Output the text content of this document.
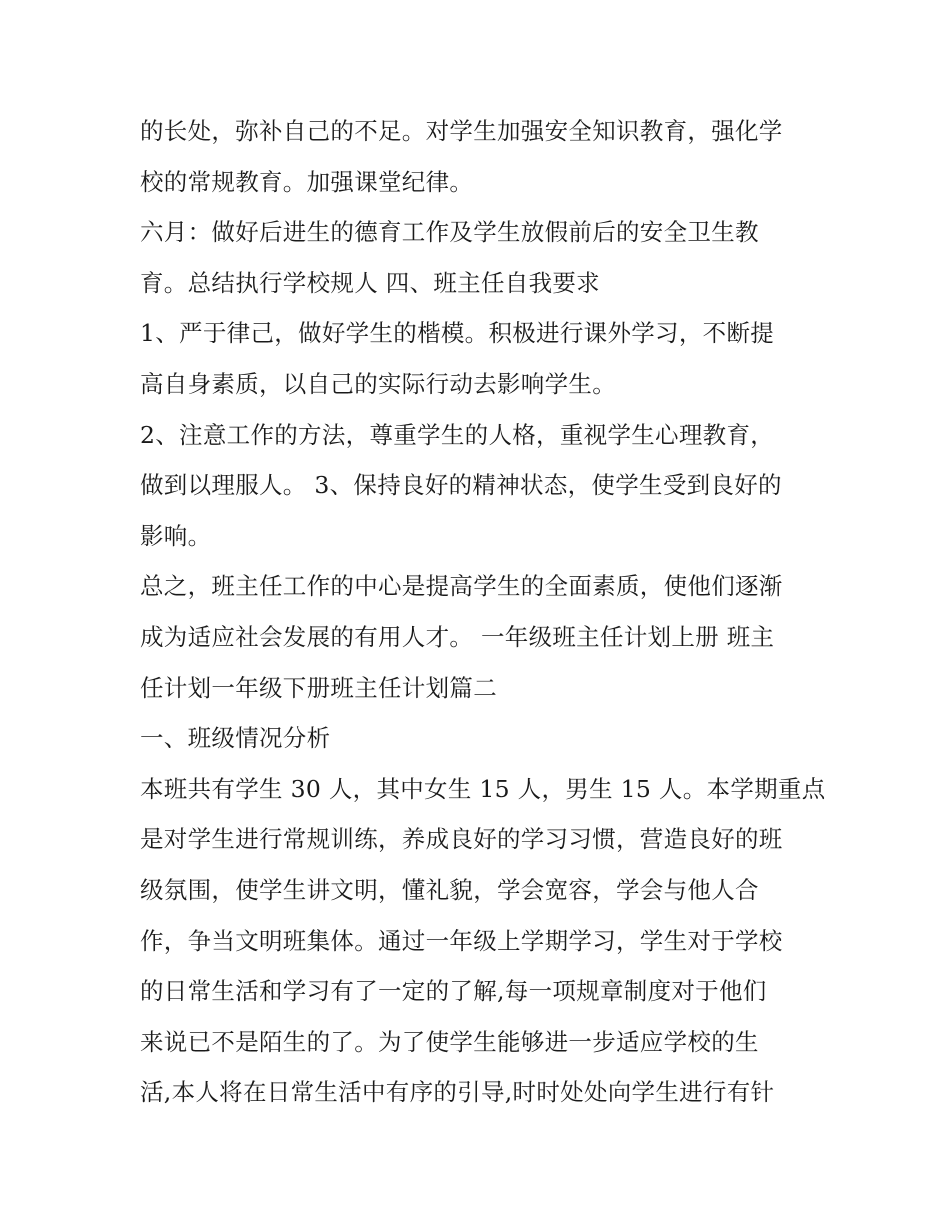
的长处，弥补自己的不足。对学生加强安全知识教育，强化学
校的常规教育。加强课堂纪律。

六月：做好后进生的德育工作及学生放假前后的安全卫生教
育。总结执行学校规人 四、班主任自我要求

1、严于律己，做好学生的楷模。积极进行课外学习，不断提
高自身素质，以自己的实际行动去影响学生。

2、注意工作的方法，尊重学生的人格，重视学生心理教育，
做到以理服人。 3、保持良好的精神状态，使学生受到良好的
影响。

总之，班主任工作的中心是提高学生的全面素质，使他们逐渐
成为适应社会发展的有用人才。 一年级班主任计划上册 班主
任计划一年级下册班主任计划篇二

一、班级情况分析

本班共有学生 30 人，其中女生 15 人，男生 15 人。本学期重点
是对学生进行常规训练，养成良好的学习习惯，营造良好的班
级氛围，使学生讲文明，懂礼貌，学会宽容，学会与他人合
作，争当文明班集体。通过一年级上学期学习，学生对于学校
的日常生活和学习有了一定的了解,每一项规章制度对于他们
来说已不是陌生的了。为了使学生能够进一步适应学校的生
活,本人将在日常生活中有序的引导,时时处处向学生进行有针
